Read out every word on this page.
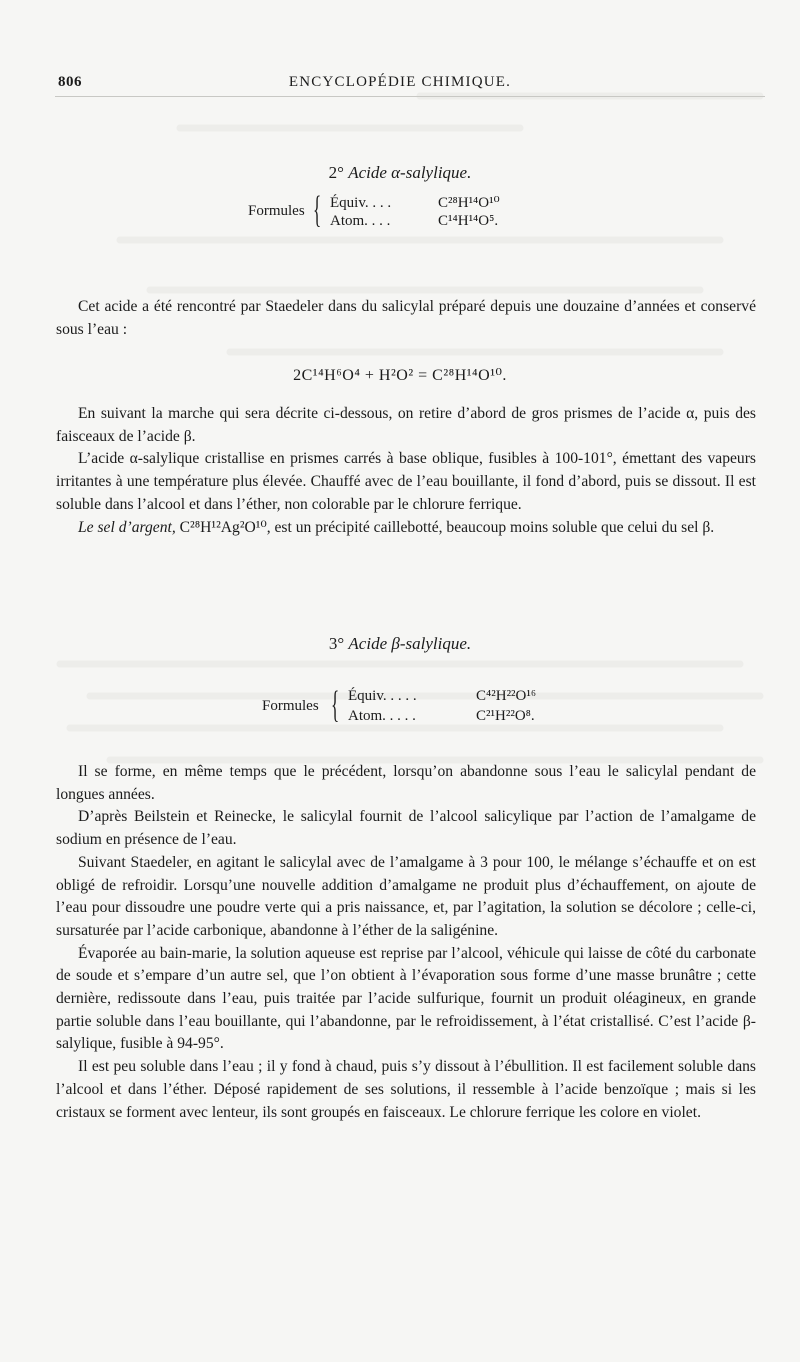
806	ENCYCLOPÉDIE CHIMIQUE.
2° Acide α-salylique.
Formules { Équiv. . . .	C²⁸H¹⁴O¹⁰
Atom. . . .	C¹⁴H¹⁴O⁵.

Cet acide a été rencontré par Staedeler dans du salicylal préparé depuis une douzaine d’années et conservé sous l’eau :

2C¹⁴H⁶O⁴ + H²O² = C²⁸H¹⁴O¹⁰.

En suivant la marche qui sera décrite ci-dessous, on retire d’abord de gros prismes de l’acide α, puis des faisceaux de l’acide β.

L’acide α-salylique cristallise en prismes carrés à base oblique, fusibles à 100-101°, émettant des vapeurs irritantes à une température plus élevée. Chauffé avec de l’eau bouillante, il fond d’abord, puis se dissout. Il est soluble dans l’alcool et dans l’éther, non colorable par le chlorure ferrique.

Le sel d’argent, C²⁸H¹²Ag²O¹⁰, est un précipité caillebotté, beaucoup moins soluble que celui du sel β.

3° Acide β-salylique.
Formules { Équiv. . . . .	C⁴²H²²O¹⁶
Atom. . . . .	C²¹H²²O⁸.

Il se forme, en même temps que le précédent, lorsqu’on abandonne sous l’eau le salicylal pendant de longues années.

D’après Beilstein et Reinecke, le salicylal fournit de l’alcool salicylique par l’action de l’amalgame de sodium en présence de l’eau.

Suivant Staedeler, en agitant le salicylal avec de l’amalgame à 3 pour 100, le mélange s’échauffe et on est obligé de refroidir. Lorsqu’une nouvelle addition d’amalgame ne produit plus d’échauffement, on ajoute de l’eau pour dissoudre une poudre verte qui a pris naissance, et, par l’agitation, la solution se décolore ; celle-ci, sursaturée par l’acide carbonique, abandonne à l’éther de la saligénine.

Évaporée au bain-marie, la solution aqueuse est reprise par l’alcool, véhicule qui laisse de côté du carbonate de soude et s’empare d’un autre sel, que l’on obtient à l’évaporation sous forme d’une masse brunâtre ; cette dernière, redissoute dans l’eau, puis traitée par l’acide sulfurique, fournit un produit oléagineux, en grande partie soluble dans l’eau bouillante, qui l’abandonne, par le refroidissement, à l’état cristallisé. C’est l’acide β-salylique, fusible à 94-95°.

Il est peu soluble dans l’eau ; il y fond à chaud, puis s’y dissout à l’ébullition. Il est facilement soluble dans l’alcool et dans l’éther. Déposé rapidement de ses solutions, il ressemble à l’acide benzoïque ; mais si les cristaux se forment avec lenteur, ils sont groupés en faisceaux. Le chlorure ferrique les colore en violet.
